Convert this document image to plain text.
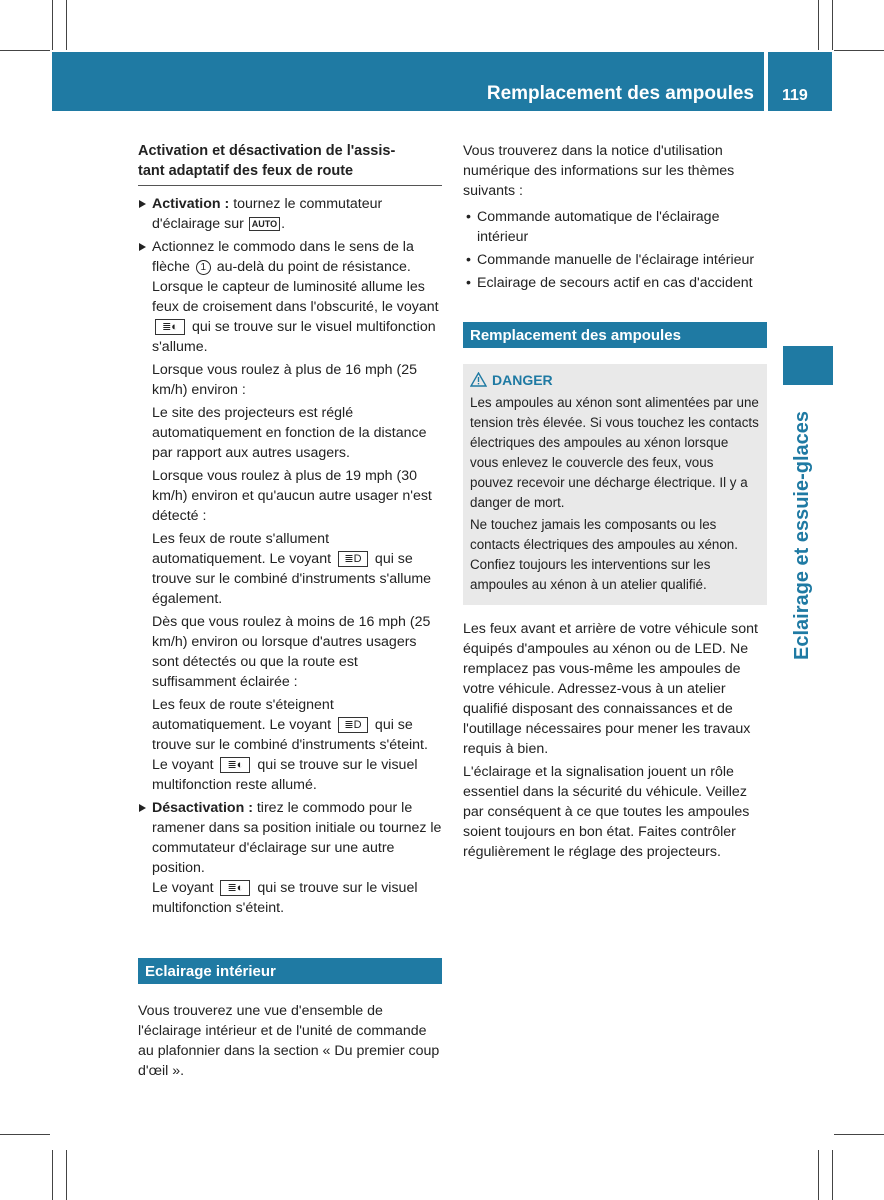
Remplacement des ampoules 119
Eclairage et essuie-glaces
Activation et désactivation de l'assis-
tant adaptatif des feux de route
Activation : tournez le commutateur d'éclairage sur AUTO .
Actionnez le commodo dans le sens de la flèche 1 au-delà du point de résistance. Lorsque le capteur de luminosité allume les feux de croisement dans l'obscurité, le voyant ≣◐ qui se trouve sur le visuel multifonction s'allume.

Lorsque vous roulez à plus de 16 mph (25 km/h) environ :

Le site des projecteurs est réglé automatiquement en fonction de la distance par rapport aux autres usagers.

Lorsque vous roulez à plus de 19 mph (30 km/h) environ et qu'aucun autre usager n'est détecté :

Les feux de route s'allument automatiquement. Le voyant ≣D qui se trouve sur le combiné d'instruments s'allume également.

Dès que vous roulez à moins de 16 mph (25 km/h) environ ou lorsque d'autres usagers sont détectés ou que la route est suffisamment éclairée :

Les feux de route s'éteignent automatiquement. Le voyant ≣D qui se trouve sur le combiné d'instruments s'éteint. Le voyant ≣◐ qui se trouve sur le visuel multifonction reste allumé.

Désactivation : tirez le commodo pour le ramener dans sa position initiale ou tournez le commutateur d'éclairage sur une autre position.
Le voyant ≣◐ qui se trouve sur le visuel multifonction s'éteint.
Eclairage intérieur

Vous trouverez une vue d'ensemble de l'éclairage intérieur et de l'unité de commande au plafonnier dans la section « Du premier coup d'œil ».

Vous trouverez dans la notice d'utilisation numérique des informations sur les thèmes suivants :

• Commande automatique de l'éclairage intérieur
• Commande manuelle de l'éclairage intérieur
• Eclairage de secours actif en cas d'accident
Remplacement des ampoules
DANGER

Les ampoules au xénon sont alimentées par une tension très élevée. Si vous touchez les contacts électriques des ampoules au xénon lorsque vous enlevez le couvercle des feux, vous pouvez recevoir une décharge électrique. Il y a danger de mort.

Ne touchez jamais les composants ou les contacts électriques des ampoules au xénon. Confiez toujours les interventions sur les ampoules au xénon à un atelier qualifié.

Les feux avant et arrière de votre véhicule sont équipés d'ampoules au xénon ou de LED. Ne remplacez pas vous-même les ampoules de votre véhicule. Adressez-vous à un atelier qualifié disposant des connaissances et de l'outillage nécessaires pour mener les travaux requis à bien.

L'éclairage et la signalisation jouent un rôle essentiel dans la sécurité du véhicule. Veillez par conséquent à ce que toutes les ampoules soient toujours en bon état. Faites contrôler régulièrement le réglage des projecteurs.
